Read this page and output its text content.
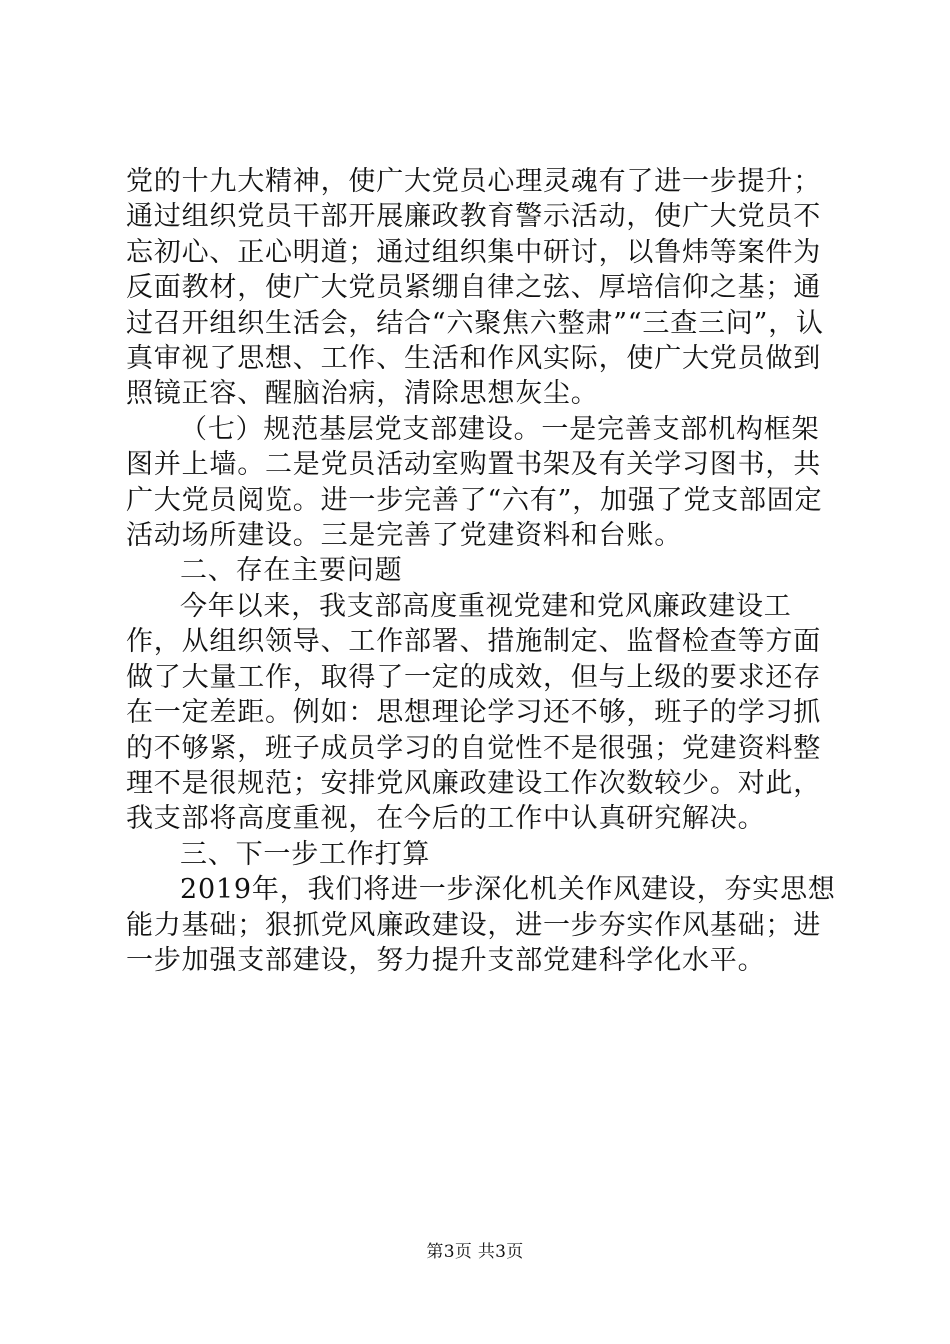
党的十九大精神，使广大党员心理灵魂有了进一步提升；通过组织党员干部开展廉政教育警示活动，使广大党员不忘初心、正心明道；通过组织集中研讨，以鲁炜等案件为反面教材，使广大党员紧绷自律之弦、厚培信仰之基；通过召开组织生活会，结合“六聚焦六整肃”“三查三问”，认真审视了思想、工作、生活和作风实际，使广大党员做到照镜正容、醒脑治病，清除思想灰尘。

（七）规范基层党支部建设。一是完善支部机构框架图并上墙。二是党员活动室购置书架及有关学习图书，共广大党员阅览。进一步完善了“六有”，加强了党支部固定活动场所建设。三是完善了党建资料和台账。

二、存在主要问题

今年以来，我支部高度重视党建和党风廉政建设工作，从组织领导、工作部署、措施制定、监督检查等方面做了大量工作，取得了一定的成效，但与上级的要求还存在一定差距。例如：思想理论学习还不够，班子的学习抓的不够紧，班子成员学习的自觉性不是很强；党建资料整理不是很规范；安排党风廉政建设工作次数较少。对此，我支部将高度重视，在今后的工作中认真研究解决。

三、下一步工作打算

2019年，我们将进一步深化机关作风建设，夯实思想能力基础；狠抓党风廉政建设，进一步夯实作风基础；进一步加强支部建设，努力提升支部党建科学化水平。

第3页 共3页
